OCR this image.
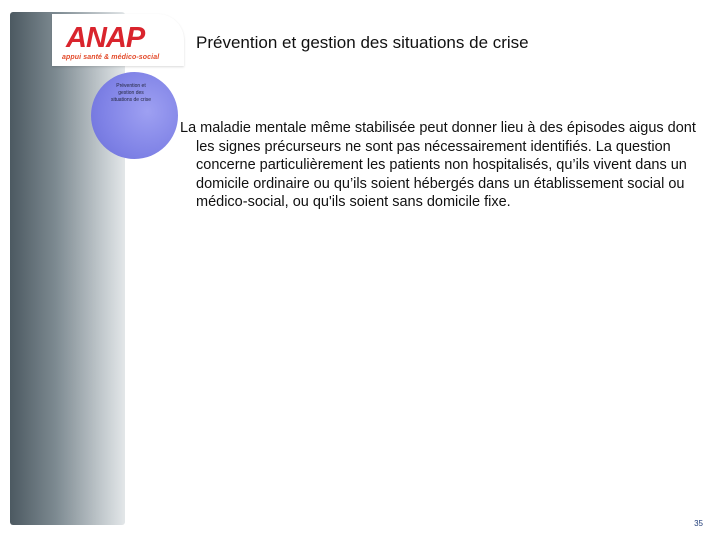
ANAP
appui santé & médico-social
Prévention et gestion des situations de crise
Prévention et gestion des situations de crise

La maladie mentale même stabilisée peut donner lieu à des épisodes aigus dont les signes précurseurs ne sont pas nécessairement identifiés. La question concerne particulièrement les patients non hospitalisés, qu’ils vivent dans un domicile ordinaire ou qu’ils soient hébergés dans un établissement social ou médico-social, ou qu'ils soient sans domicile fixe.

35
